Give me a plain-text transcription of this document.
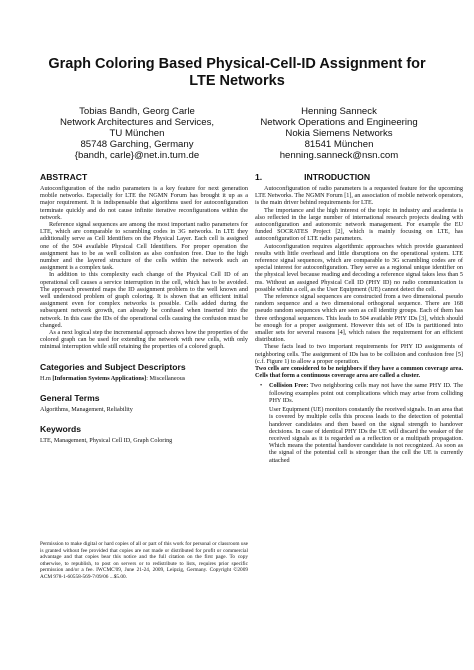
Graph Coloring Based Physical-Cell-ID Assignment for
LTE Networks
Tobias Bandh, Georg Carle
Network Architectures and Services,
TU München
85748 Garching, Germany
{bandh, carle}@net.in.tum.de
Henning Sanneck
Network Operations and Engineering
Nokia Siemens Networks
81541 München
henning.sanneck@nsn.com
ABSTRACT

Autoconfiguration of the radio parameters is a key feature for next generation mobile networks. Especially for LTE the NGMN Forum has brought it up as a major requirement. It is indispensable that algorithms used for autoconfiguration terminate quickly and do not cause infinite iterative reconfigurations within the network.

Reference signal sequences are among the most important radio parameters for LTE, which are comparable to scrambling codes in 3G networks. In LTE they additionally serve as Cell Identifiers on the Physical Layer. Each cell is assigned one of the 504 available Physical Cell Identifiers. For proper operation the assignment has to be as well collision as also confusion free. Due to the high number and the layered structure of the cells within the network such an assignment is a complex task.

In addition to this complexity each change of the Physical Cell ID of an operational cell causes a service interruption in the cell, which has to be avoided. The approach presented maps the ID assignment problem to the well known and well understood problem of graph coloring. It is shown that an efficient initial assignment even for complex networks is possible. Cells added during the subsequent network growth, can already be confused when inserted into the network. In this case the IDs of the operational cells causing the confusion must be changed.

As a next logical step the incremental approach shows how the properties of the colored graph can be used for extending the network with new cells, with only minimal interruption while still retaining the properties of a colored graph.

Categories and Subject Descriptors

H.m [Information Systems Applications]: Miscellaneous

General Terms

Algorithms, Management, Reliability

Keywords

LTE, Management, Physical Cell ID, Graph Coloring

Permission to make digital or hard copies of all or part of this work for personal or classroom use is granted without fee provided that copies are not made or distributed for profit or commercial advantage and that copies bear this notice and the full citation on the first page. To copy otherwise, to republish, to post on servers or to redistribute to lists, requires prior specific permission and/or a fee. IWCMC'09, June 21-24, 2009, Leipzig, Germany. Copyright ©2009 ACM 978-1-60558-569-7/09/06 ...$5.00.
1.	INTRODUCTION

Autoconfiguration of radio parameters is a requested feature for the upcoming LTE Networks. The NGMN Forum [1], an association of mobile network operators, is the main driver behind requirements for LTE.

The importance and the high interest of the topic in industry and academia is also reflected in the large number of international research projects dealing with autoconfiguration and autonomic network management. For example the EU funded SOCRATES Project [2], which is mainly focusing on LTE, has autoconfiguration of LTE radio parameters.

Autoconfiguration requires algorithmic approaches which provide guaranteed results with little overhead and little disruptions on the operational system. LTE reference signal sequences, which are comparable to 3G scrambling codes are of special interest for autoconfiguration. They serve as a regional unique identifier on the physical level because reading and decoding a reference signal takes less than 5 ms. Without an assigned Physical Cell ID (PHY ID) no radio communication is possible within a cell, as the User Equipment (UE) cannot detect the cell.

The reference signal sequences are constructed from a two dimensional pseudo random sequence and a two dimensional orthogonal sequence. There are 168 pseudo random sequences which are seen as cell identity groups. Each of them has three orthogonal sequences. This leads to 504 available PHY IDs [3], which should be enough for a proper assignment. However this set of IDs is partitioned into smaller sets for several reasons [4], which raises the requirement for an efficient distribution.

These facts lead to two important requirements for PHY ID assignments of neighboring cells. The assignment of IDs has to be collision and confusion free [5] (c.f. Figure 1) to allow a proper operation.

Two cells are considered to be neighbors if they have a common coverage area. Cells that form a continuous coverage area are called a cluster.

• Collision Free: Two neighboring cells may not have the same PHY ID. The following examples point out complications which may arise from colliding PHY IDs.

User Equipment (UE) monitors constantly the received signals. In an area that is covered by multiple cells this process leads to the detection of potential handover candidates and then based on the signal strength to handover decisions. In case of identical PHY IDs the UE will discard the weaker of the received signals as it is regarded as a reflection or a multipath propagation. Which means the potential handover candidate is not recognized. As soon as the signal of the potential cell is stronger than the cell the UE is currently attached
